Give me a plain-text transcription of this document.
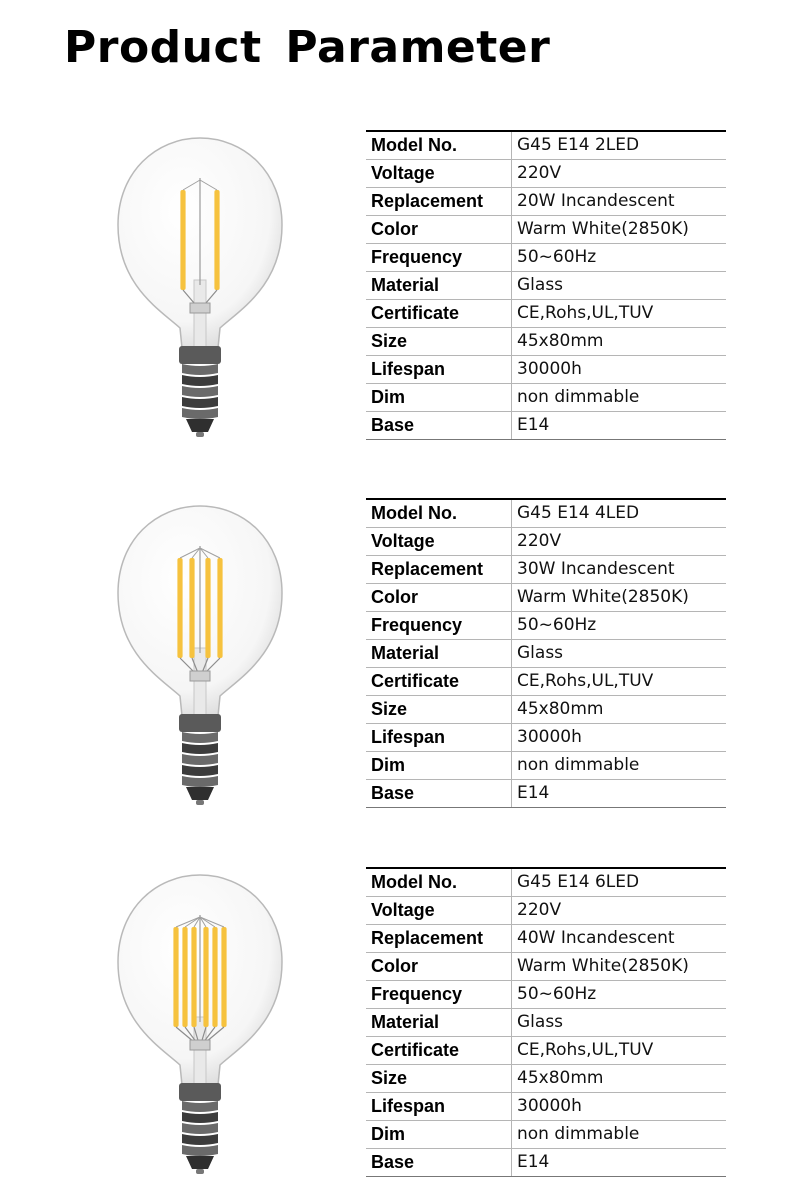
Product Parameter
Model No.	G45 E14 2LED
Voltage	220V
Replacement	20W Incandescent
Color	Warm White(2850K)
Frequency	50~60Hz
Material	Glass
Certificate	CE,Rohs,UL,TUV
Size	45x80mm
Lifespan	30000h
Dim	non dimmable
Base	E14
Model No.	G45 E14 4LED
Voltage	220V
Replacement	30W Incandescent
Color	Warm White(2850K)
Frequency	50~60Hz
Material	Glass
Certificate	CE,Rohs,UL,TUV
Size	45x80mm
Lifespan	30000h
Dim	non dimmable
Base	E14
Model No.	G45 E14 6LED
Voltage	220V
Replacement	40W Incandescent
Color	Warm White(2850K)
Frequency	50~60Hz
Material	Glass
Certificate	CE,Rohs,UL,TUV
Size	45x80mm
Lifespan	30000h
Dim	non dimmable
Base	E14
